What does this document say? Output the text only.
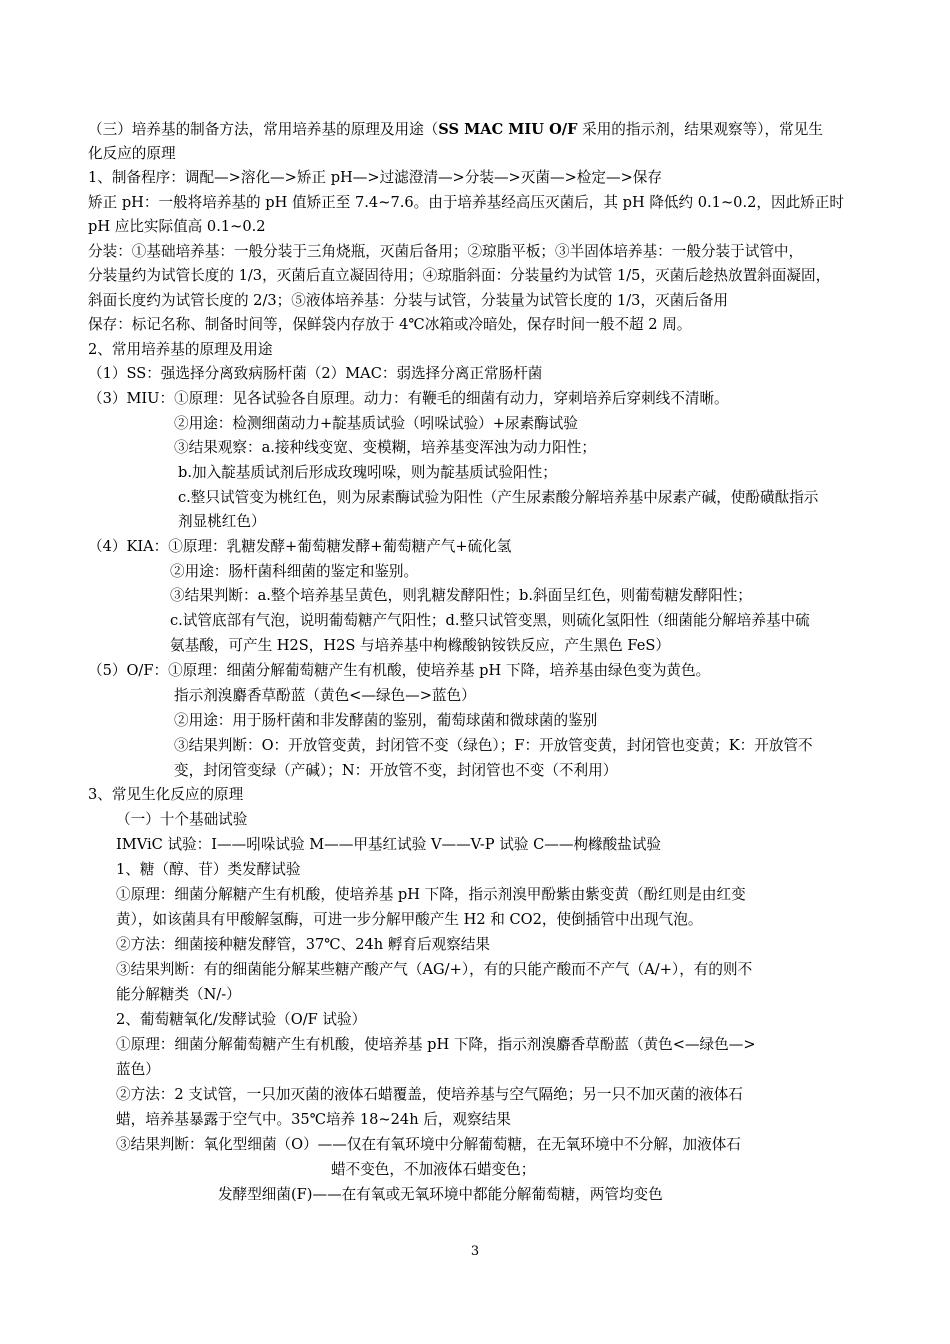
（三）培养基的制备方法，常用培养基的原理及用途（SS MAC MIU O/F 采用的指示剂，结果观察等），常见生
化反应的原理
1、制备程序：调配—>溶化—>矫正 pH—>过滤澄清—>分装—>灭菌—>检定—>保存
矫正 pH：一般将培养基的 pH 值矫正至 7.4~7.6。由于培养基经高压灭菌后，其 pH 降低约 0.1~0.2，因此矫正时
pH 应比实际值高 0.1~0.2
分装：①基础培养基：一般分装于三角烧瓶，灭菌后备用；②琼脂平板；③半固体培养基：一般分装于试管中，
分装量约为试管长度的 1/3，灭菌后直立凝固待用；④琼脂斜面：分装量约为试管 1/5，灭菌后趁热放置斜面凝固，
斜面长度约为试管长度的 2/3；⑤液体培养基：分装与试管，分装量为试管长度的 1/3，灭菌后备用
保存：标记名称、制备时间等，保鲜袋内存放于 4℃冰箱或冷暗处，保存时间一般不超 2 周。
2、常用培养基的原理及用途
（1）SS：强选择分离致病肠杆菌（2）MAC：弱选择分离正常肠杆菌
（3）MIU：①原理：见各试验各自原理。动力：有鞭毛的细菌有动力，穿刺培养后穿刺线不清晰。
②用途：检测细菌动力+靛基质试验（吲哚试验）+尿素酶试验
③结果观察：a.接种线变宽、变模糊，培养基变浑浊为动力阳性；
b.加入靛基质试剂后形成玫瑰吲哚，则为靛基质试验阳性；
c.整只试管变为桃红色，则为尿素酶试验为阳性（产生尿素酸分解培养基中尿素产碱，使酚磺酞指示
剂显桃红色）
（4）KIA：①原理：乳糖发酵+葡萄糖发酵+葡萄糖产气+硫化氢
②用途：肠杆菌科细菌的鉴定和鉴别。
③结果判断：a.整个培养基呈黄色，则乳糖发酵阳性；b.斜面呈红色，则葡萄糖发酵阳性；
c.试管底部有气泡，说明葡萄糖产气阳性；d.整只试管变黑，则硫化氢阳性（细菌能分解培养基中硫
氨基酸，可产生 H2S，H2S 与培养基中枸橼酸钠铵铁反应，产生黑色 FeS）
（5）O/F：①原理：细菌分解葡萄糖产生有机酸，使培养基 pH 下降，培养基由绿色变为黄色。
指示剂溴麝香草酚蓝（黄色<—绿色—>蓝色）
②用途：用于肠杆菌和非发酵菌的鉴别，葡萄球菌和微球菌的鉴别
③结果判断：O：开放管变黄，封闭管不变（绿色）；F：开放管变黄，封闭管也变黄；K：开放管不
变，封闭管变绿（产碱）；N：开放管不变，封闭管也不变（不利用）
3、常见生化反应的原理
（一）十个基础试验
IMViC 试验：I——吲哚试验 M——甲基红试验 V——V-P 试验 C——枸橼酸盐试验
1、糖（醇、苷）类发酵试验
①原理：细菌分解糖产生有机酸，使培养基 pH 下降，指示剂溴甲酚紫由紫变黄（酚红则是由红变
黄），如该菌具有甲酸解氢酶，可进一步分解甲酸产生 H2 和 CO2，使倒插管中出现气泡。
②方法：细菌接种糖发酵管，37℃、24h 孵育后观察结果
③结果判断：有的细菌能分解某些糖产酸产气（AG/+），有的只能产酸而不产气（A/+），有的则不
能分解糖类（N/-）
2、葡萄糖氧化/发酵试验（O/F 试验）
①原理：细菌分解葡萄糖产生有机酸，使培养基 pH 下降，指示剂溴麝香草酚蓝（黄色<—绿色—>
蓝色）
②方法：2 支试管，一只加灭菌的液体石蜡覆盖，使培养基与空气隔绝；另一只不加灭菌的液体石
蜡，培养基暴露于空气中。35℃培养 18~24h 后，观察结果
③结果判断：氧化型细菌（O）——仅在有氧环境中分解葡萄糖，在无氧环境中不分解，加液体石
蜡不变色，不加液体石蜡变色；
发酵型细菌(F)——在有氧或无氧环境中都能分解葡萄糖，两管均变色
3
